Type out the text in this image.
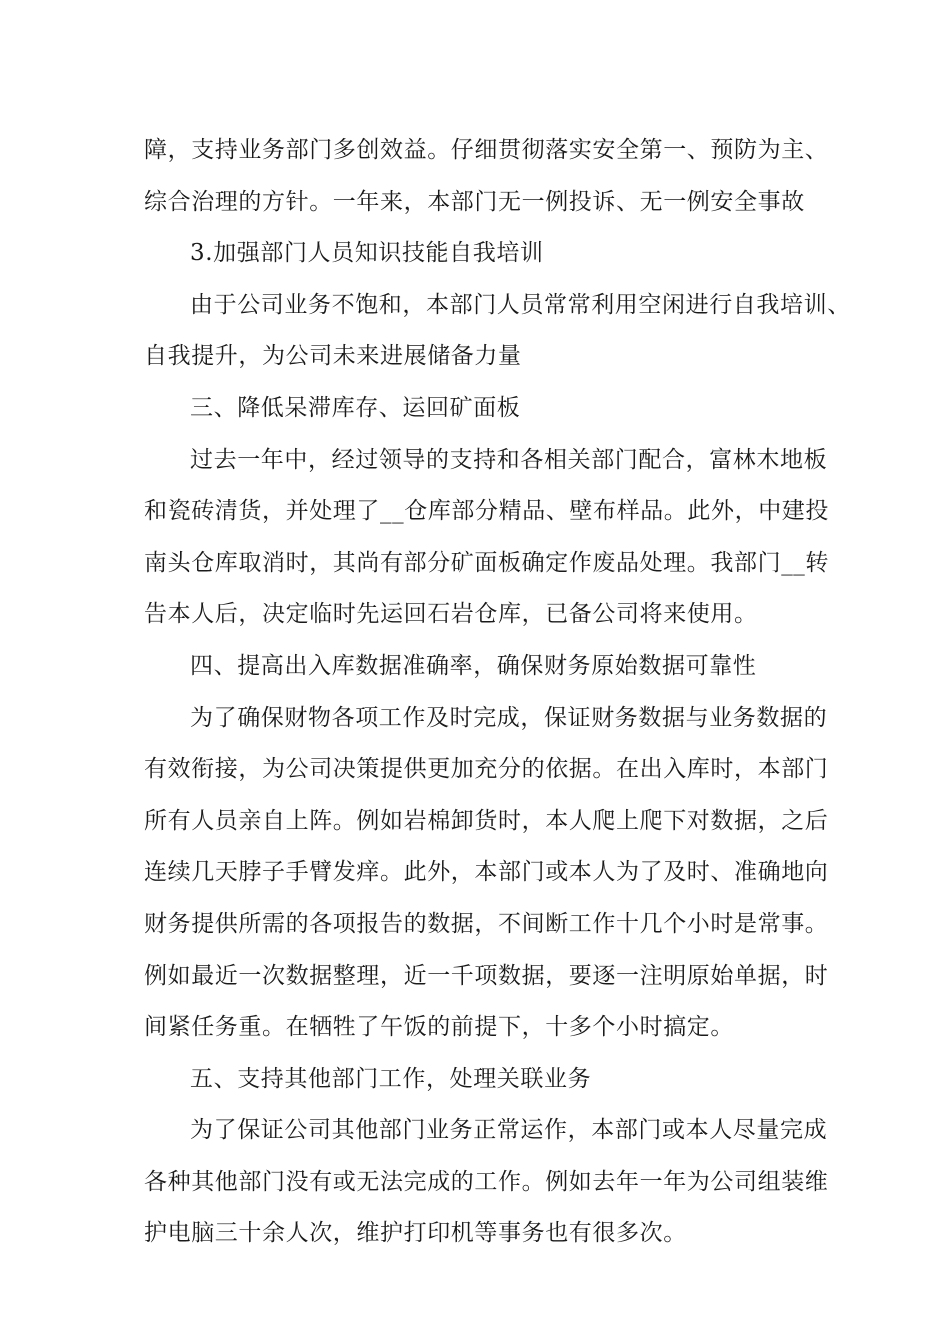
障，支持业务部门多创效益。仔细贯彻落实安全第一、预防为主、
综合治理的方针。一年来，本部门无一例投诉、无一例安全事故
3.加强部门人员知识技能自我培训
由于公司业务不饱和，本部门人员常常利用空闲进行自我培训、
自我提升，为公司未来进展储备力量
三、降低呆滞库存、运回矿面板
过去一年中，经过领导的支持和各相关部门配合，富林木地板
和瓷砖清货，并处理了__仓库部分精品、壁布样品。此外，中建投
南头仓库取消时，其尚有部分矿面板确定作废品处理。我部门__转
告本人后，决定临时先运回石岩仓库，已备公司将来使用。
四、提高出入库数据准确率，确保财务原始数据可靠性
为了确保财物各项工作及时完成，保证财务数据与业务数据的
有效衔接，为公司决策提供更加充分的依据。在出入库时，本部门
所有人员亲自上阵。例如岩棉卸货时，本人爬上爬下对数据，之后
连续几天脖子手臂发痒。此外，本部门或本人为了及时、准确地向
财务提供所需的各项报告的数据，不间断工作十几个小时是常事。
例如最近一次数据整理，近一千项数据，要逐一注明原始单据，时
间紧任务重。在牺牲了午饭的前提下，十多个小时搞定。
五、支持其他部门工作，处理关联业务
为了保证公司其他部门业务正常运作，本部门或本人尽量完成
各种其他部门没有或无法完成的工作。例如去年一年为公司组装维
护电脑三十余人次，维护打印机等事务也有很多次。
